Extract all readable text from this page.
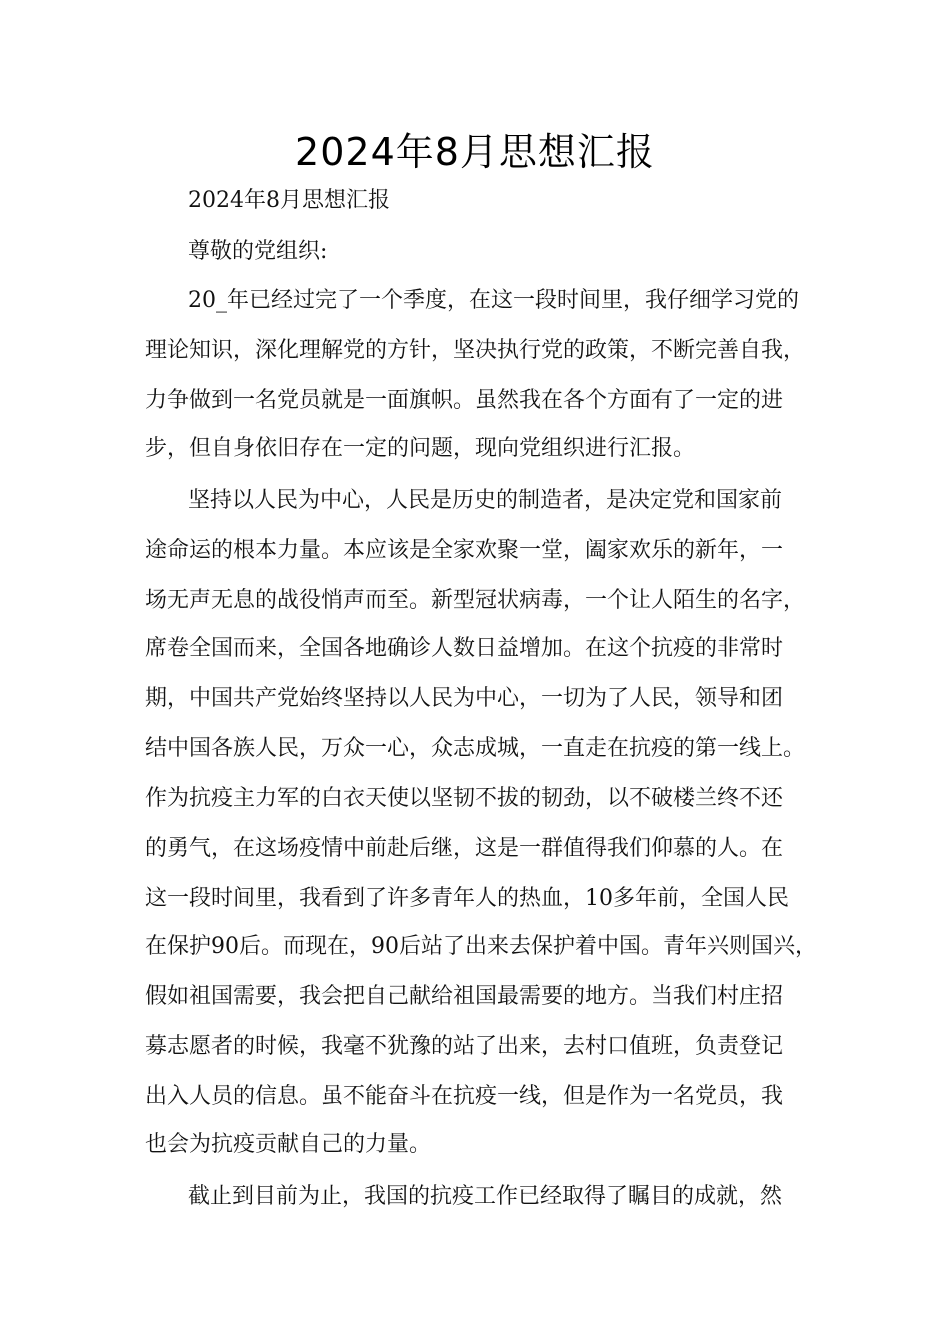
2024年8月思想汇报
2024年8月思想汇报
尊敬的党组织:
20_年已经过完了一个季度，在这一段时间里，我仔细学习党的
理论知识，深化理解党的方针，坚决执行党的政策，不断完善自我，
力争做到一名党员就是一面旗帜。虽然我在各个方面有了一定的进
步，但自身依旧存在一定的问题，现向党组织进行汇报。
坚持以人民为中心，人民是历史的制造者，是决定党和国家前
途命运的根本力量。本应该是全家欢聚一堂，阖家欢乐的新年，一
场无声无息的战役悄声而至。新型冠状病毒，一个让人陌生的名字，
席卷全国而来，全国各地确诊人数日益增加。在这个抗疫的非常时
期，中国共产党始终坚持以人民为中心，一切为了人民，领导和团
结中国各族人民，万众一心，众志成城，一直走在抗疫的第一线上。
作为抗疫主力军的白衣天使以坚韧不拔的韧劲，以不破楼兰终不还
的勇气，在这场疫情中前赴后继，这是一群值得我们仰慕的人。在
这一段时间里，我看到了许多青年人的热血，10多年前，全国人民
在保护90后。而现在，90后站了出来去保护着中国。青年兴则国兴，
假如祖国需要，我会把自己献给祖国最需要的地方。当我们村庄招
募志愿者的时候，我毫不犹豫的站了出来，去村口值班，负责登记
出入人员的信息。虽不能奋斗在抗疫一线，但是作为一名党员，我
也会为抗疫贡献自己的力量。
截止到目前为止，我国的抗疫工作已经取得了瞩目的成就，然
